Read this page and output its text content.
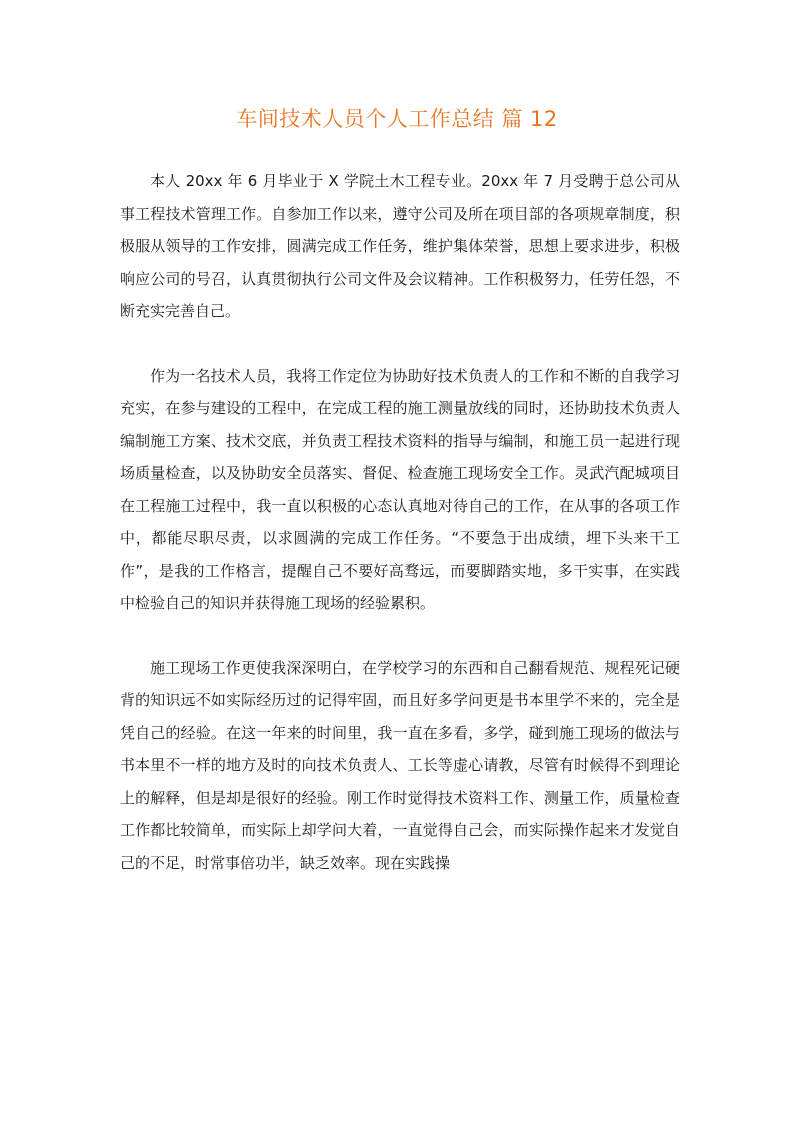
车间技术人员个人工作总结 篇 12

本人 20xx 年 6 月毕业于 X 学院土木工程专业。20xx 年 7 月受聘于总公司从事工程技术管理工作。自参加工作以来，遵守公司及所在项目部的各项规章制度，积极服从领导的工作安排，圆满完成工作任务，维护集体荣誉，思想上要求进步，积极响应公司的号召，认真贯彻执行公司文件及会议精神。工作积极努力，任劳任怨，不断充实完善自己。

作为一名技术人员，我将工作定位为协助好技术负责人的工作和不断的自我学习充实，在参与建设的工程中，在完成工程的施工测量放线的同时，还协助技术负责人编制施工方案、技术交底，并负责工程技术资料的指导与编制，和施工员一起进行现场质量检查，以及协助安全员落实、督促、检查施工现场安全工作。灵武汽配城项目在工程施工过程中，我一直以积极的心态认真地对待自己的工作，在从事的各项工作中，都能尽职尽责，以求圆满的完成工作任务。“不要急于出成绩，埋下头来干工作”，是我的工作格言，提醒自己不要好高骛远，而要脚踏实地，多干实事，在实践中检验自己的知识并获得施工现场的经验累积。

施工现场工作更使我深深明白，在学校学习的东西和自己翻看规范、规程死记硬背的知识远不如实际经历过的记得牢固，而且好多学问更是书本里学不来的，完全是凭自己的经验。在这一年来的时间里，我一直在多看，多学，碰到施工现场的做法与书本里不一样的地方及时的向技术负责人、工长等虚心请教，尽管有时候得不到理论上的解释，但是却是很好的经验。刚工作时觉得技术资料工作、测量工作，质量检查工作都比较简单，而实际上却学问大着，一直觉得自己会，而实际操作起来才发觉自己的不足，时常事倍功半，缺乏效率。现在实践操
